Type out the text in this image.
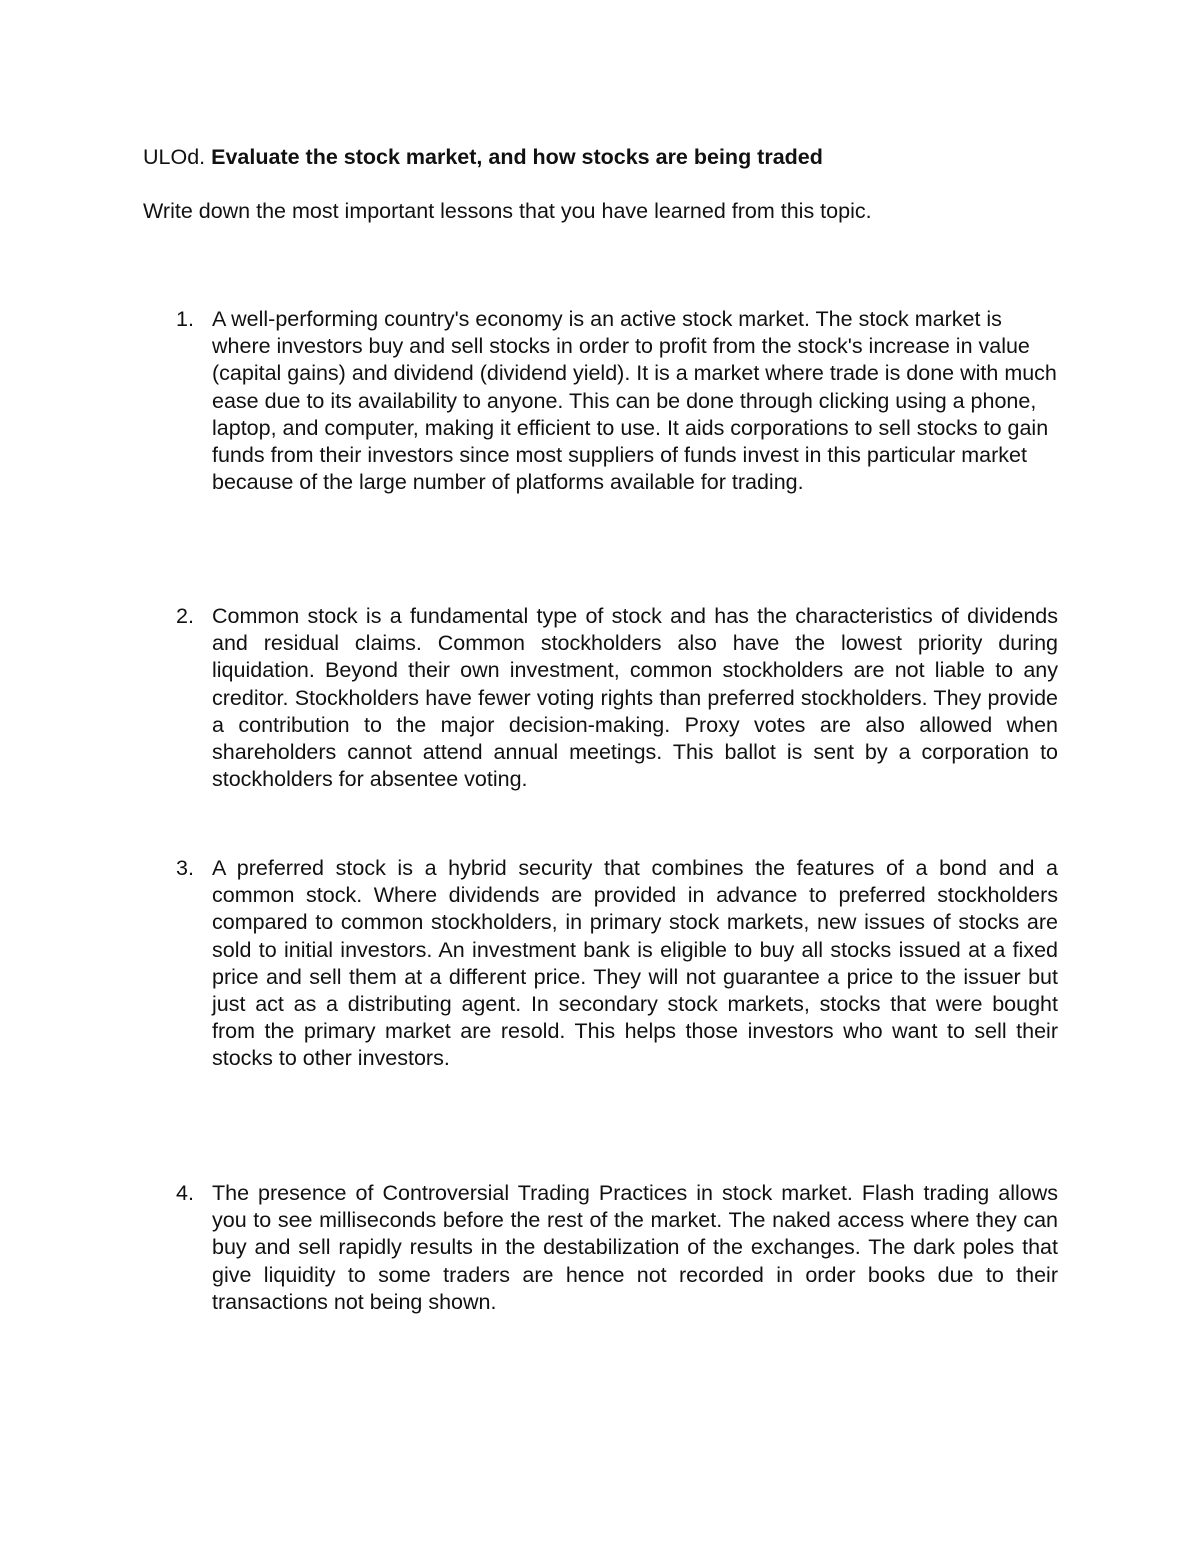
ULOd. Evaluate the stock market, and how stocks are being traded
Write down the most important lessons that you have learned from this topic.
1. A well-performing country's economy is an active stock market. The stock market is where investors buy and sell stocks in order to profit from the stock's increase in value (capital gains) and dividend (dividend yield). It is a market where trade is done with much ease due to its availability to anyone. This can be done through clicking using a phone, laptop, and computer, making it efficient to use. It aids corporations to sell stocks to gain funds from their investors since most suppliers of funds invest in this particular market because of the large number of platforms available for trading.
2. Common stock is a fundamental type of stock and has the characteristics of dividends and residual claims. Common stockholders also have the lowest priority during liquidation. Beyond their own investment, common stockholders are not liable to any creditor. Stockholders have fewer voting rights than preferred stockholders. They provide a contribution to the major decision-making. Proxy votes are also allowed when shareholders cannot attend annual meetings. This ballot is sent by a corporation to stockholders for absentee voting.
3. A preferred stock is a hybrid security that combines the features of a bond and a common stock. Where dividends are provided in advance to preferred stockholders compared to common stockholders, in primary stock markets, new issues of stocks are sold to initial investors. An investment bank is eligible to buy all stocks issued at a fixed price and sell them at a different price. They will not guarantee a price to the issuer but just act as a distributing agent. In secondary stock markets, stocks that were bought from the primary market are resold. This helps those investors who want to sell their stocks to other investors.
4. The presence of Controversial Trading Practices in stock market. Flash trading allows you to see milliseconds before the rest of the market. The naked access where they can buy and sell rapidly results in the destabilization of the exchanges. The dark poles that give liquidity to some traders are hence not recorded in order books due to their transactions not being shown.
